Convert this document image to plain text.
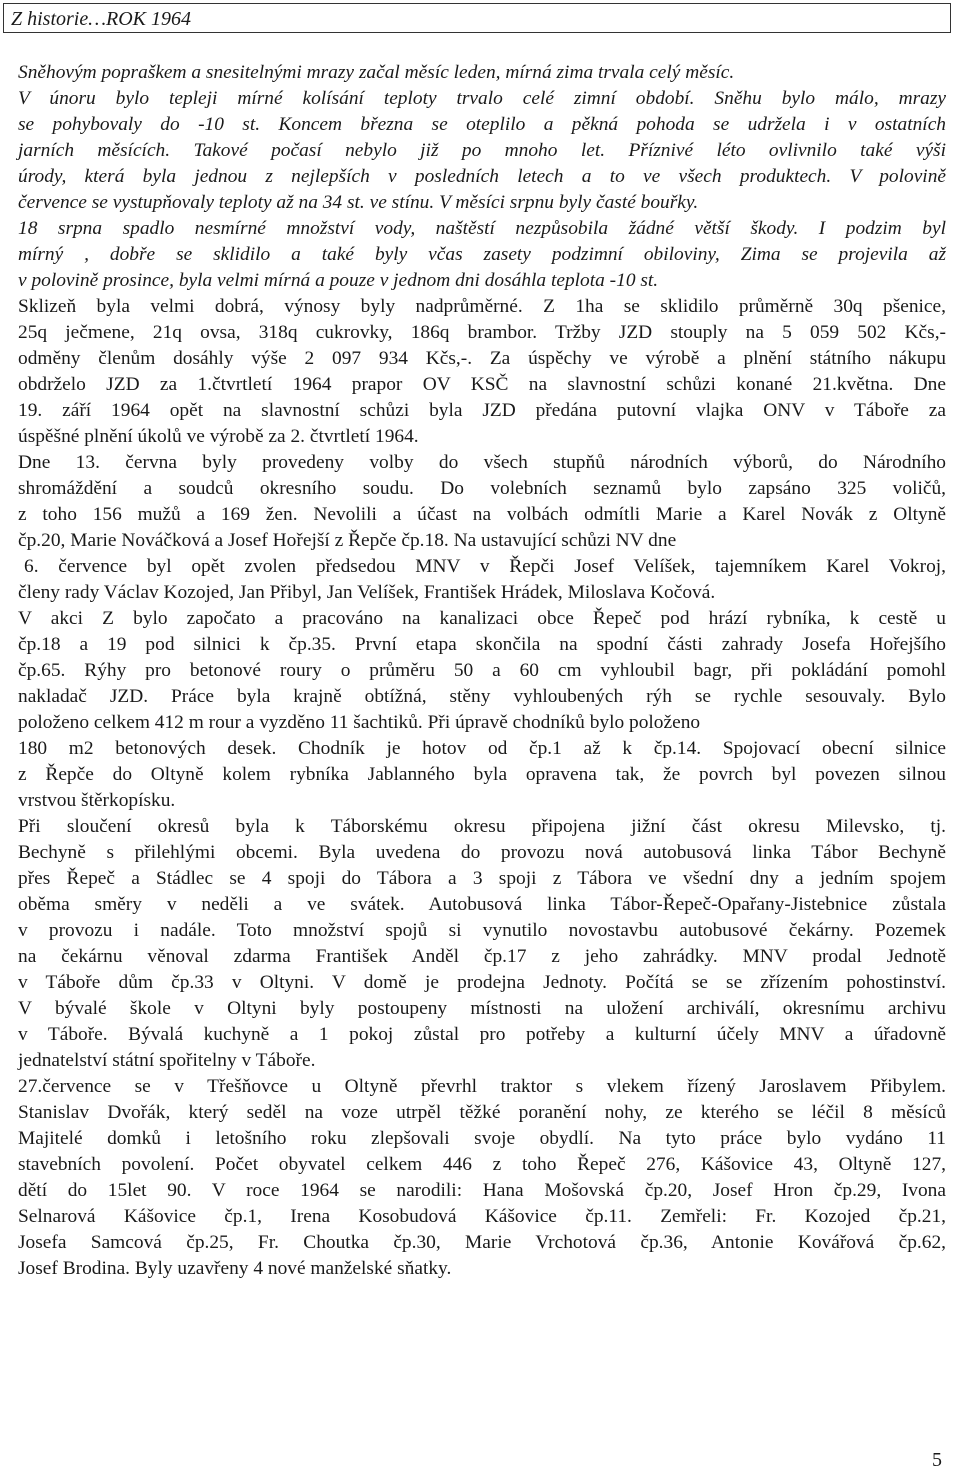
Z historie…ROK 1964
Sněhovým popraškem a snesitelnými mrazy začal měsíc leden, mírná zima trvala celý měsíc.
V únoru bylo tepleji mírné kolísání teploty trvalo celé zimní období. Sněhu bylo málo, mrazy
se pohybovaly do -10 st. Koncem března se oteplilo a pěkná pohoda se udržela i v ostatních
jarních měsících. Takové počasí nebylo již po mnoho let. Příznivé léto ovlivnilo také výši
úrody, která byla jednou z nejlepších v posledních letech a to ve všech produktech. V polovině
července se vystupňovaly teploty až na 34 st. ve stínu. V měsíci srpnu byly časté bouřky.
18 srpna spadlo nesmírné množství vody, naštěstí nezpůsobila žádné větší škody. I podzim byl
mírný , dobře se sklidilo a také byly včas zasety podzimní obiloviny, Zima se projevila až
v polovině prosince, byla velmi mírná a pouze v jednom dni dosáhla teplota -10 st.
Sklizeň byla velmi dobrá, výnosy byly nadprůměrné. Z 1ha se sklidilo průměrně 30q pšenice,
25q ječmene, 21q ovsa, 318q cukrovky, 186q brambor. Tržby JZD stouply na 5 059 502 Kčs,-
odměny členům dosáhly výše 2 097 934 Kčs,-. Za úspěchy ve výrobě a plnění státního nákupu
obdrželo JZD za 1.čtvrtletí 1964 prapor OV KSČ na slavnostní schůzi konané 21.května. Dne
19. září 1964 opět na slavnostní schůzi byla JZD předána putovní vlajka ONV v Táboře za
úspěšné plnění úkolů ve výrobě za 2. čtvrtletí 1964.
Dne 13. června byly provedeny volby do všech stupňů národních výborů, do Národního
shromáždění a soudců okresního soudu. Do volebních seznamů bylo zapsáno 325 voličů,
z toho 156 mužů a 169 žen. Nevolili a účast na volbách odmítli Marie a Karel Novák z Oltyně
čp.20, Marie Nováčková a Josef Hořejší z Řepče čp.18. Na ustavující schůzi NV dne
6. července byl opět zvolen předsedou MNV v Řepči Josef Velíšek, tajemníkem Karel Vokroj,
členy rady Václav Kozojed, Jan Přibyl, Jan Velíšek, František Hrádek, Miloslava Kočová.
V akci Z bylo započato a pracováno na kanalizaci obce Řepeč pod hrází rybníka, k cestě u
čp.18 a 19 pod silnici k čp.35. První etapa skončila na spodní části zahrady Josefa Hořejšího
čp.65. Rýhy pro betonové roury o průměru 50 a 60 cm vyhloubil bagr, při pokládání pomohl
nakladač JZD. Práce byla krajně obtížná, stěny vyhloubených rýh se rychle sesouvaly. Bylo
položeno celkem 412 m rour a vyzděno 11 šachtiků. Při úpravě chodníků bylo položeno
180 m2 betonových desek. Chodník je hotov od čp.1 až k čp.14. Spojovací obecní silnice
z Řepče do Oltyně kolem rybníka Jablanného byla opravena tak, že povrch byl povezen silnou
vrstvou štěrkopísku.
Při sloučení okresů byla k Táborskému okresu připojena jižní část okresu Milevsko, tj.
Bechyně s přilehlými obcemi. Byla uvedena do provozu nová autobusová linka Tábor Bechyně
přes Řepeč a Stádlec se 4 spoji do Tábora a 3 spoji z Tábora ve všední dny a jedním spojem
oběma směry v neděli a ve svátek. Autobusová linka Tábor-Řepeč-Opařany-Jistebnice zůstala
v provozu i nadále. Toto množství spojů si vynutilo novostavbu autobusové čekárny. Pozemek
na čekárnu věnoval zdarma František Anděl čp.17 z jeho zahrádky. MNV prodal Jednotě
v Táboře dům čp.33 v Oltyni. V domě je prodejna Jednoty. Počítá se se zřízením pohostinství.
V bývalé škole v Oltyni byly postoupeny místnosti na uložení archiválí, okresnímu archivu
v Táboře. Bývalá kuchyně a 1 pokoj zůstal pro potřeby a kulturní účely MNV a úřadovně
jednatelství státní spořitelny v Táboře.
27.července se v Třešňovce u Oltyně převrhl traktor s vlekem řízený Jaroslavem Přibylem.
Stanislav Dvořák, který seděl na voze utrpěl těžké poranění nohy, ze kterého se léčil 8 měsíců
Majitelé domků i letošního roku zlepšovali svoje obydlí. Na tyto práce bylo vydáno 11
stavebních povolení. Počet obyvatel celkem 446 z toho Řepeč 276, Kášovice 43, Oltyně 127,
dětí do 15let 90. V roce 1964 se narodili: Hana Mošovská čp.20, Josef Hron čp.29, Ivona
Selnarová Kášovice čp.1, Irena Kosobudová Kášovice čp.11. Zemřeli: Fr. Kozojed čp.21,
Josefa Samcová čp.25, Fr. Choutka čp.30, Marie Vrchotová čp.36, Antonie Kovářová čp.62,
Josef Brodina. Byly uzavřeny 4 nové manželské sňatky.
5
